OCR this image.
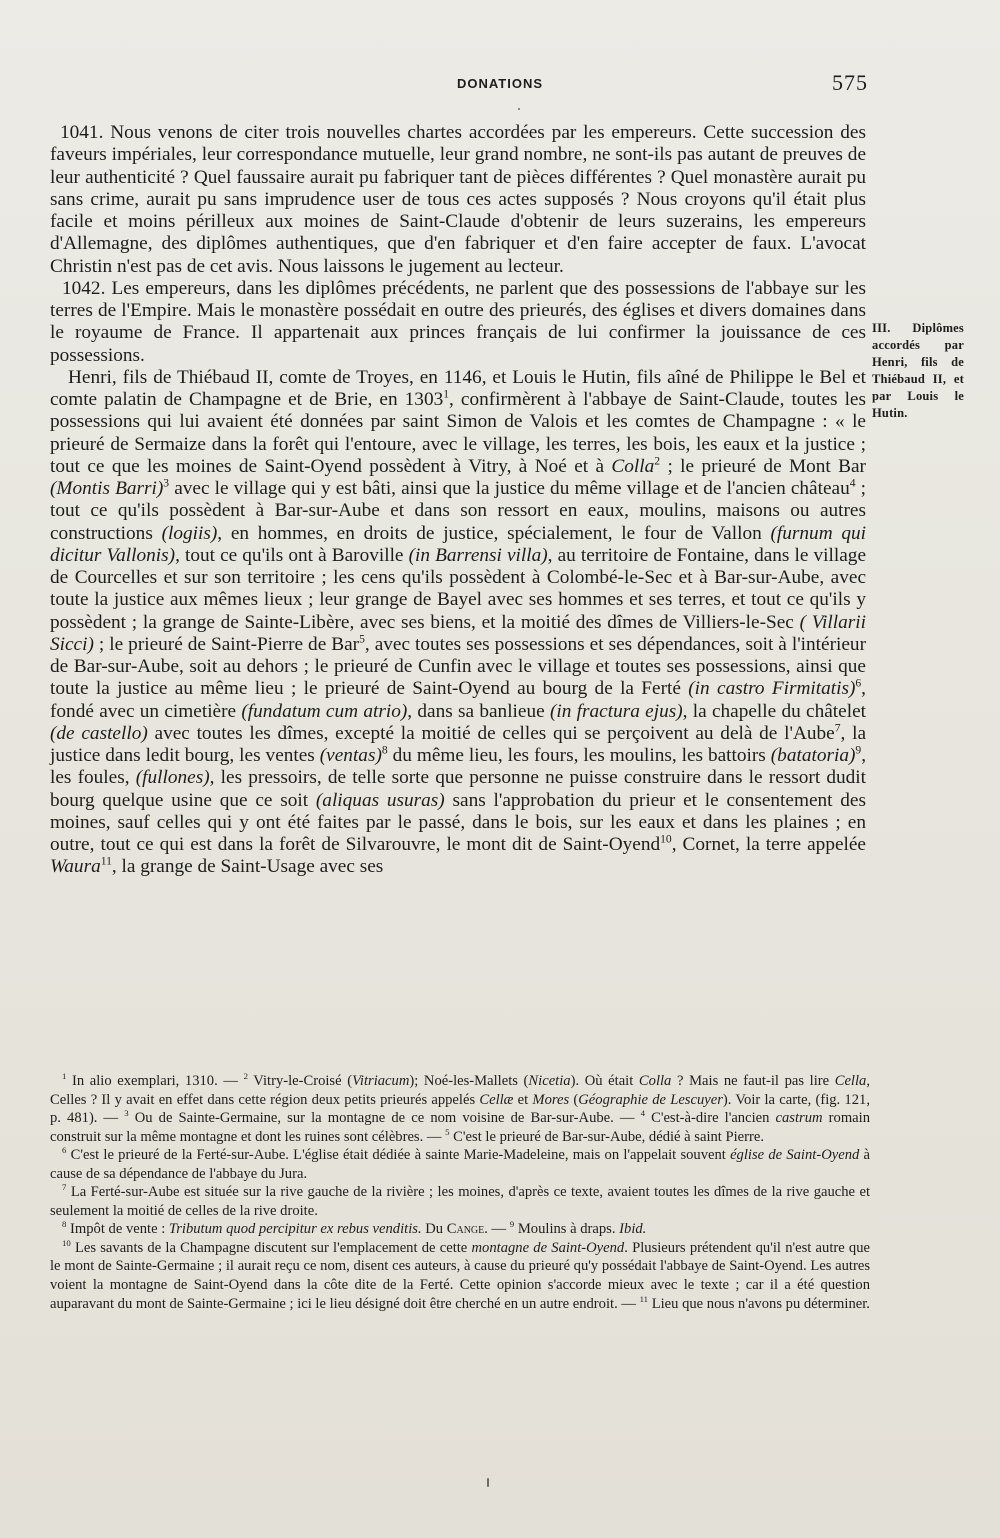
DONATIONS	575
III. Diplômes accordés par Henri, fils de Thiébaud II, et par Louis le Hutin.

1041. Nous venons de citer trois nouvelles chartes accordées par les empereurs. Cette succession des faveurs impériales, leur correspondance mutuelle, leur grand nombre, ne sont-ils pas autant de preuves de leur authenticité ? Quel faussaire aurait pu fabriquer tant de pièces différentes ? Quel monastère aurait pu sans crime, aurait pu sans imprudence user de tous ces actes supposés ? Nous croyons qu'il était plus facile et moins périlleux aux moines de Saint-Claude d'obtenir de leurs suzerains, les empereurs d'Allemagne, des diplômes authentiques, que d'en fabriquer et d'en faire accepter de faux. L'avocat Christin n'est pas de cet avis. Nous laissons le jugement au lecteur.

1042. Les empereurs, dans les diplômes précédents, ne parlent que des possessions de l'abbaye sur les terres de l'Empire. Mais le monastère possédait en outre des prieurés, des églises et divers domaines dans le royaume de France. Il appartenait aux princes français de lui confirmer la jouissance de ces possessions.

Henri, fils de Thiébaud II, comte de Troyes, en 1146, et Louis le Hutin, fils aîné de Philippe le Bel et comte palatin de Champagne et de Brie, en 1303$^1$, confirmèrent à l'abbaye de Saint-Claude, toutes les possessions qui lui avaient été données par saint Simon de Valois et les comtes de Champagne : « le prieuré de Sermaize dans la forêt qui l'entoure, avec le village, les terres, les bois, les eaux et la justice ; tout ce que les moines de Saint-Oyend possèdent à Vitry, à Noé et à Colla$^2$ ; le prieuré de Mont Bar (Montis Barri)$^3$ avec le village qui y est bâti, ainsi que la justice du même village et de l'ancien château$^4$ ; tout ce qu'ils possèdent à Bar-sur-Aube et dans son ressort en eaux, moulins, maisons ou autres constructions (logiis), en hommes, en droits de justice, spécialement, le four de Vallon (furnum qui dicitur Vallonis), tout ce qu'ils ont à Baroville (in Barrensi villa), au territoire de Fontaine, dans le village de Courcelles et sur son territoire ; les cens qu'ils possèdent à Colombé-le-Sec et à Bar-sur-Aube, avec toute la justice aux mêmes lieux ; leur grange de Bayel avec ses hommes et ses terres, et tout ce qu'ils y possèdent ; la grange de Sainte-Libère, avec ses biens, et la moitié des dîmes de Villiers-le-Sec ( Villarii Sicci) ; le prieuré de Saint-Pierre de Bar$^5$, avec toutes ses possessions et ses dépendances, soit à l'intérieur de Bar-sur-Aube, soit au dehors ; le prieuré de Cunfin avec le village et toutes ses possessions, ainsi que toute la justice au même lieu ; le prieuré de Saint-Oyend au bourg de la Ferté (in castro Firmitatis)$^6$, fondé avec un cimetière (fundatum cum atrio), dans sa banlieue (in fractura ejus), la chapelle du châtelet (de castello) avec toutes les dîmes, excepté la moitié de celles qui se perçoivent au delà de l'Aube$^7$, la justice dans ledit bourg, les ventes (ventas)$^8$ du même lieu, les fours, les moulins, les battoirs (batatoria)$^9$, les foules, (fullones), les pressoirs, de telle sorte que personne ne puisse construire dans le ressort dudit bourg quelque usine que ce soit (aliquas usuras) sans l'approbation du prieur et le consentement des moines, sauf celles qui y ont été faites par le passé, dans le bois, sur les eaux et dans les plaines ; en outre, tout ce qui est dans la forêt de Silvarouvre, le mont dit de Saint-Oyend$^{10}$, Cornet, la terre appelée Waura$^{11}$, la grange de Saint-Usage avec ses

$^1$ In alio exemplari, 1310. — $^2$ Vitry-le-Croisé (Vitriacum); Noé-les-Mallets (Nicetia). Où était Colla ? Mais ne faut-il pas lire Cella, Celles ? Il y avait en effet dans cette région deux petits prieurés appelés Cellæ et Mores (Géographie de Lescuyer). Voir la carte, (fig. 121, p. 481). — $^3$ Ou de Sainte-Germaine, sur la montagne de ce nom voisine de Bar-sur-Aube. — $^4$ C'est-à-dire l'ancien castrum romain construit sur la même montagne et dont les ruines sont célèbres. — $^5$ C'est le prieuré de Bar-sur-Aube, dédié à saint Pierre.

$^6$ C'est le prieuré de la Ferté-sur-Aube. L'église était dédiée à sainte Marie-Madeleine, mais on l'appelait souvent église de Saint-Oyend à cause de sa dépendance de l'abbaye du Jura.

$^7$ La Ferté-sur-Aube est située sur la rive gauche de la rivière ; les moines, d'après ce texte, avaient toutes les dîmes de la rive gauche et seulement la moitié de celles de la rive droite.

$^8$ Impôt de vente : Tributum quod percipitur ex rebus venditis. Du Cange. — $^9$ Moulins à draps. Ibid.

$^{10}$ Les savants de la Champagne discutent sur l'emplacement de cette montagne de Saint-Oyend. Plusieurs prétendent qu'il n'est autre que le mont de Sainte-Germaine ; il aurait reçu ce nom, disent ces auteurs, à cause du prieuré qu'y possédait l'abbaye de Saint-Oyend. Les autres voient la montagne de Saint-Oyend dans la côte dite de la Ferté. Cette opinion s'accorde mieux avec le texte ; car il a été question auparavant du mont de Sainte-Germaine ; ici le lieu désigné doit être cherché en un autre endroit. — $^{11}$ Lieu que nous n'avons pu déterminer.
